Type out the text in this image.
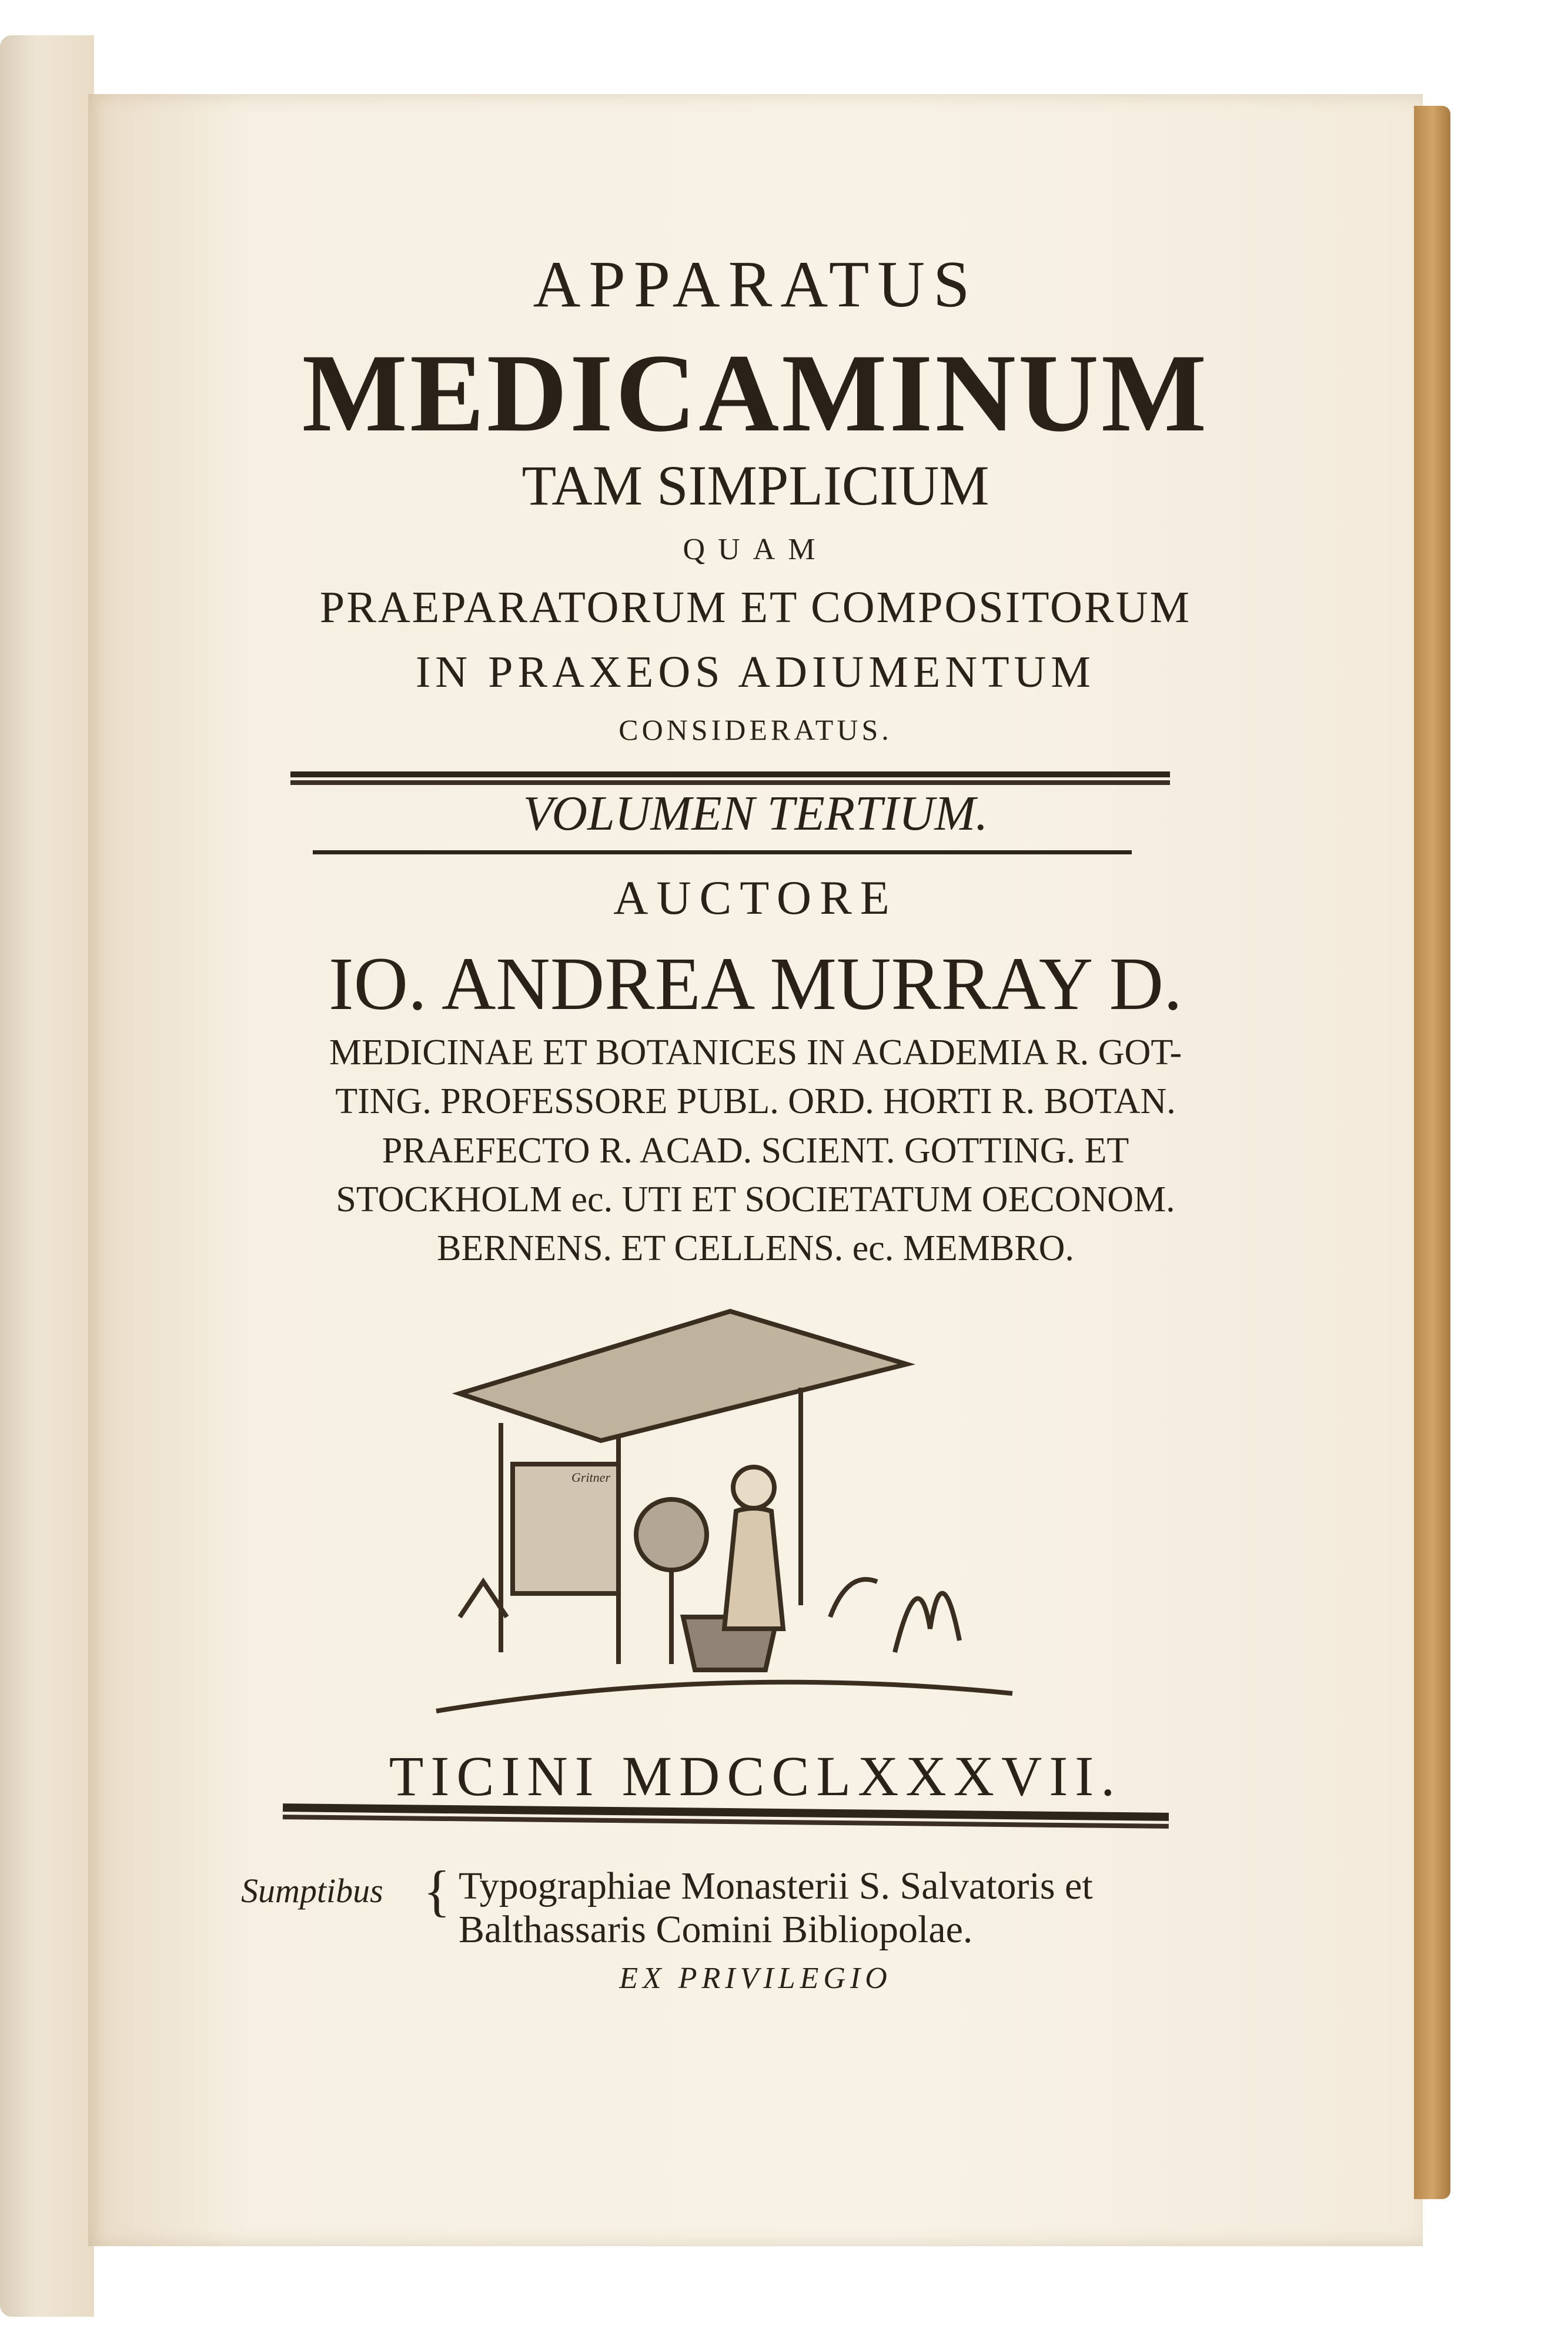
APPARATUS
MEDICAMINUM
TAM SIMPLICIUM
QUAM
PRAEPARATORUM ET COMPOSITORUM
IN PRAXEOS ADIUMENTUM
CONSIDERATUS.
VOLUMEN TERTIUM.
AUCTORE
IO. ANDREA MURRAY D.
MEDICINAE ET BOTANICES IN ACADEMIA R. GOT-
TING. PROFESSORE PUBL. ORD. HORTI R. BOTAN.
PRAEFECTO R. ACAD. SCIENT. GOTTING. ET
STOCKHOLM ec. UTI ET SOCIETATUM OECONOM.
BERNENS. ET CELLENS. ec. MEMBRO.
Gritner
TICINI MDCCLXXXVII.
Sumptibus { Typographiae Monasterii S. Salvatoris et
Balthassaris Comini Bibliopolae.
EX PRIVILEGIO
